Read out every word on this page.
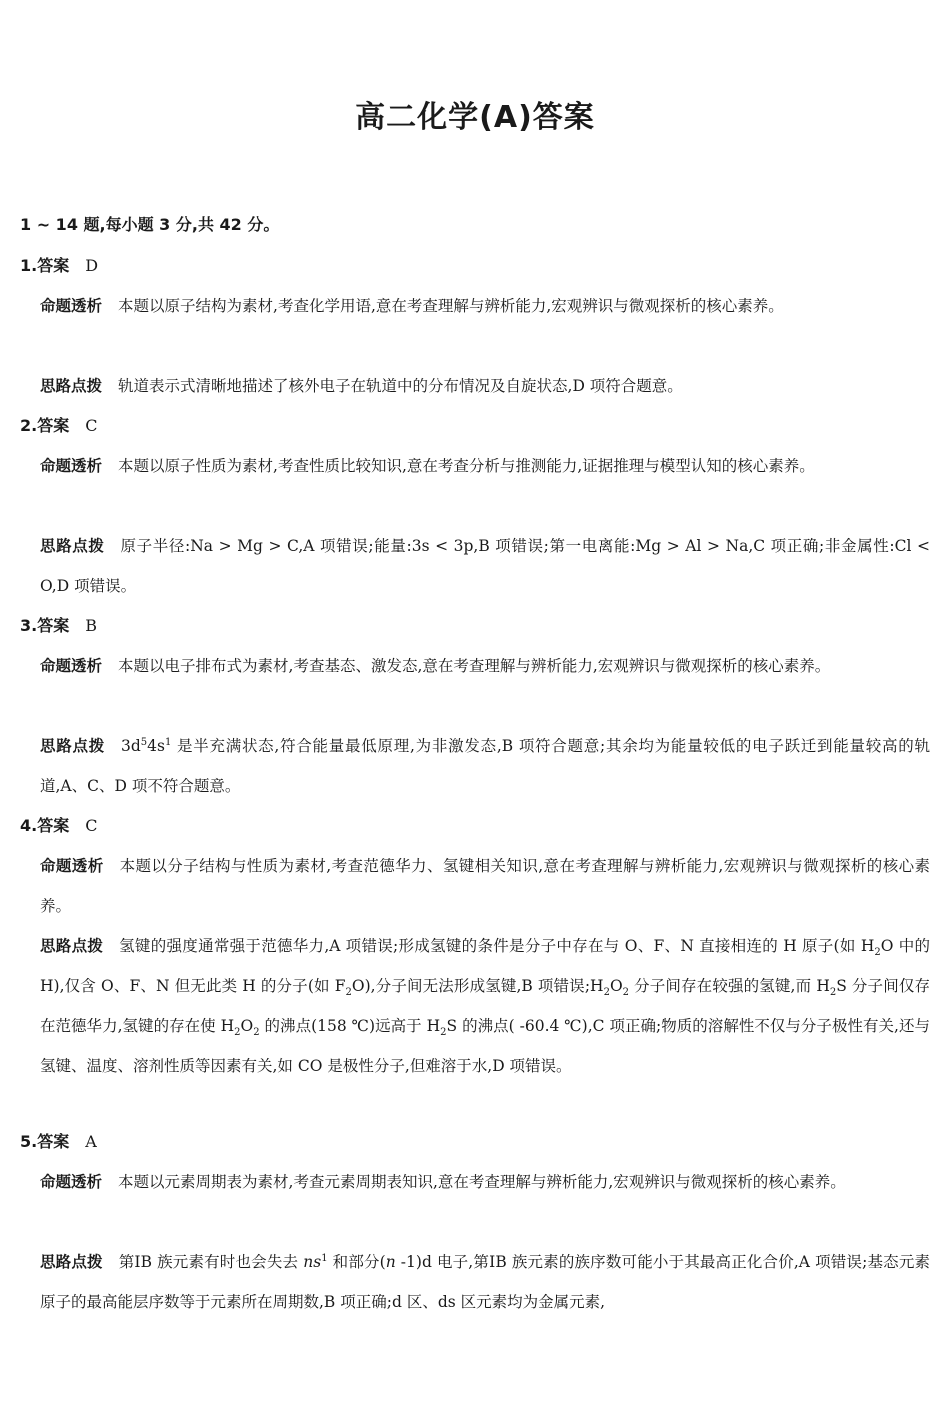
高二化学(A)答案
1 ~ 14 题,每小题 3 分,共 42 分。
1.答案 D
命题透析 本题以原子结构为素材,考查化学用语,意在考查理解与辨析能力,宏观辨识与微观探析的核心素养。
思路点拨 轨道表示式清晰地描述了核外电子在轨道中的分布情况及自旋状态,D 项符合题意。
2.答案 C
命题透析 本题以原子性质为素材,考查性质比较知识,意在考查分析与推测能力,证据推理与模型认知的核心素养。
思路点拨 原子半径:Na > Mg > C,A 项错误;能量:3s < 3p,B 项错误;第一电离能:Mg > Al > Na,C 项正确;非金属性:Cl < O,D 项错误。
3.答案 B
命题透析 本题以电子排布式为素材,考查基态、激发态,意在考查理解与辨析能力,宏观辨识与微观探析的核心素养。
思路点拨 $3d^54s^1$ 是半充满状态,符合能量最低原理,为非激发态,B 项符合题意;其余均为能量较低的电子跃迁到能量较高的轨道,A、C、D 项不符合题意。
4.答案 C
命题透析 本题以分子结构与性质为素材,考查范德华力、氢键相关知识,意在考查理解与辨析能力,宏观辨识与微观探析的核心素养。
思路点拨 氢键的强度通常强于范德华力,A 项错误;形成氢键的条件是分子中存在与 O、F、N 直接相连的 H 原子(如 $H_2O$ 中的 H),仅含 O、F、N 但无此类 H 的分子(如 $F_2O$),分子间无法形成氢键,B 项错误$;H_2O_2$ 分子间存在较强的氢键,而 $H_2S$ 分子间仅存在范德华力,氢键的存在使 $H_2O_2$ 的沸点(158 ℃)远高于 $H_2S$ 的沸点( -60.4 ℃),C 项正确;物质的溶解性不仅与分子极性有关,还与氢键、温度、溶剂性质等因素有关,如 CO 是极性分子,但难溶于水,D 项错误。
5.答案 A
命题透析 本题以元素周期表为素材,考查元素周期表知识,意在考查理解与辨析能力,宏观辨识与微观探析的核心素养。
思路点拨 第ⅠB 族元素有时也会失去 $ns^1$ 和部分(n -1)d 电子,第ⅠB 族元素的族序数可能小于其最高正化合价,A 项错误;基态元素原子的最高能层序数等于元素所在周期数,B 项正确;d 区、ds 区元素均为金属元素,
